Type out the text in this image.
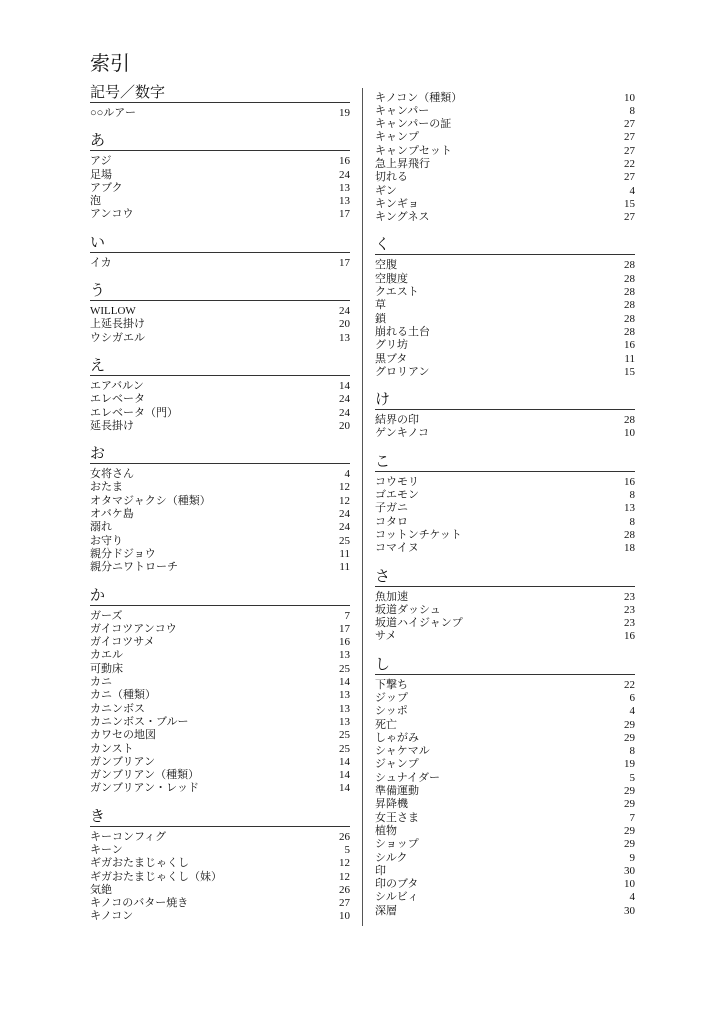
索引
記号／数字
○○ルアー	19
あ
アジ	16
足場	24
アブク	13
泡	13
アンコウ	17
い
イカ	17
う
WILLOW	24
上延長掛け	20
ウシガエル	13
え
エアバルン	14
エレベータ	24
エレベータ（門）	24
延長掛け	20
お
女将さん	4
おたま	12
オタマジャクシ（種類）	12
オバケ島	24
溺れ	24
お守り	25
親分ドジョウ	11
親分ニワトローチ	11
か
ガーズ	7
ガイコツアンコウ	17
ガイコツサメ	16
カエル	13
可動床	25
カニ	14
カニ（種類）	13
カニンボス	13
カニンボス・ブルー	13
カワセの地図	25
カンスト	25
ガンブリアン	14
ガンブリアン（種類）	14
ガンブリアン・レッド	14
き
キーコンフィグ	26
キーン	5
ギガおたまじゃくし	12
ギガおたまじゃくし（妹）	12
気絶	26
キノコのバター焼き	27
キノコン	10
キノコン（種類）	10
キャンパー	8
キャンパーの証	27
キャンプ	27
キャンプセット	27
急上昇飛行	22
切れる	27
ギン	4
キンギョ	15
キングネス	27
く
空腹	28
空腹度	28
クエスト	28
草	28
鎖	28
崩れる土台	28
グリ坊	16
黒ブタ	11
グロリアン	15
け
結界の印	28
ゲンキノコ	10
こ
コウモリ	16
ゴエモン	8
子ガニ	13
コタロ	8
コットンチケット	28
コマイヌ	18
さ
魚加速	23
坂道ダッシュ	23
坂道ハイジャンプ	23
サメ	16
し
下撃ち	22
ジップ	6
シッポ	4
死亡	29
しゃがみ	29
シャケマル	8
ジャンプ	19
シュナイダー	5
準備運動	29
昇降機	29
女王さま	7
植物	29
ショップ	29
シルク	9
印	30
印のブタ	10
シルビィ	4
深層	30
